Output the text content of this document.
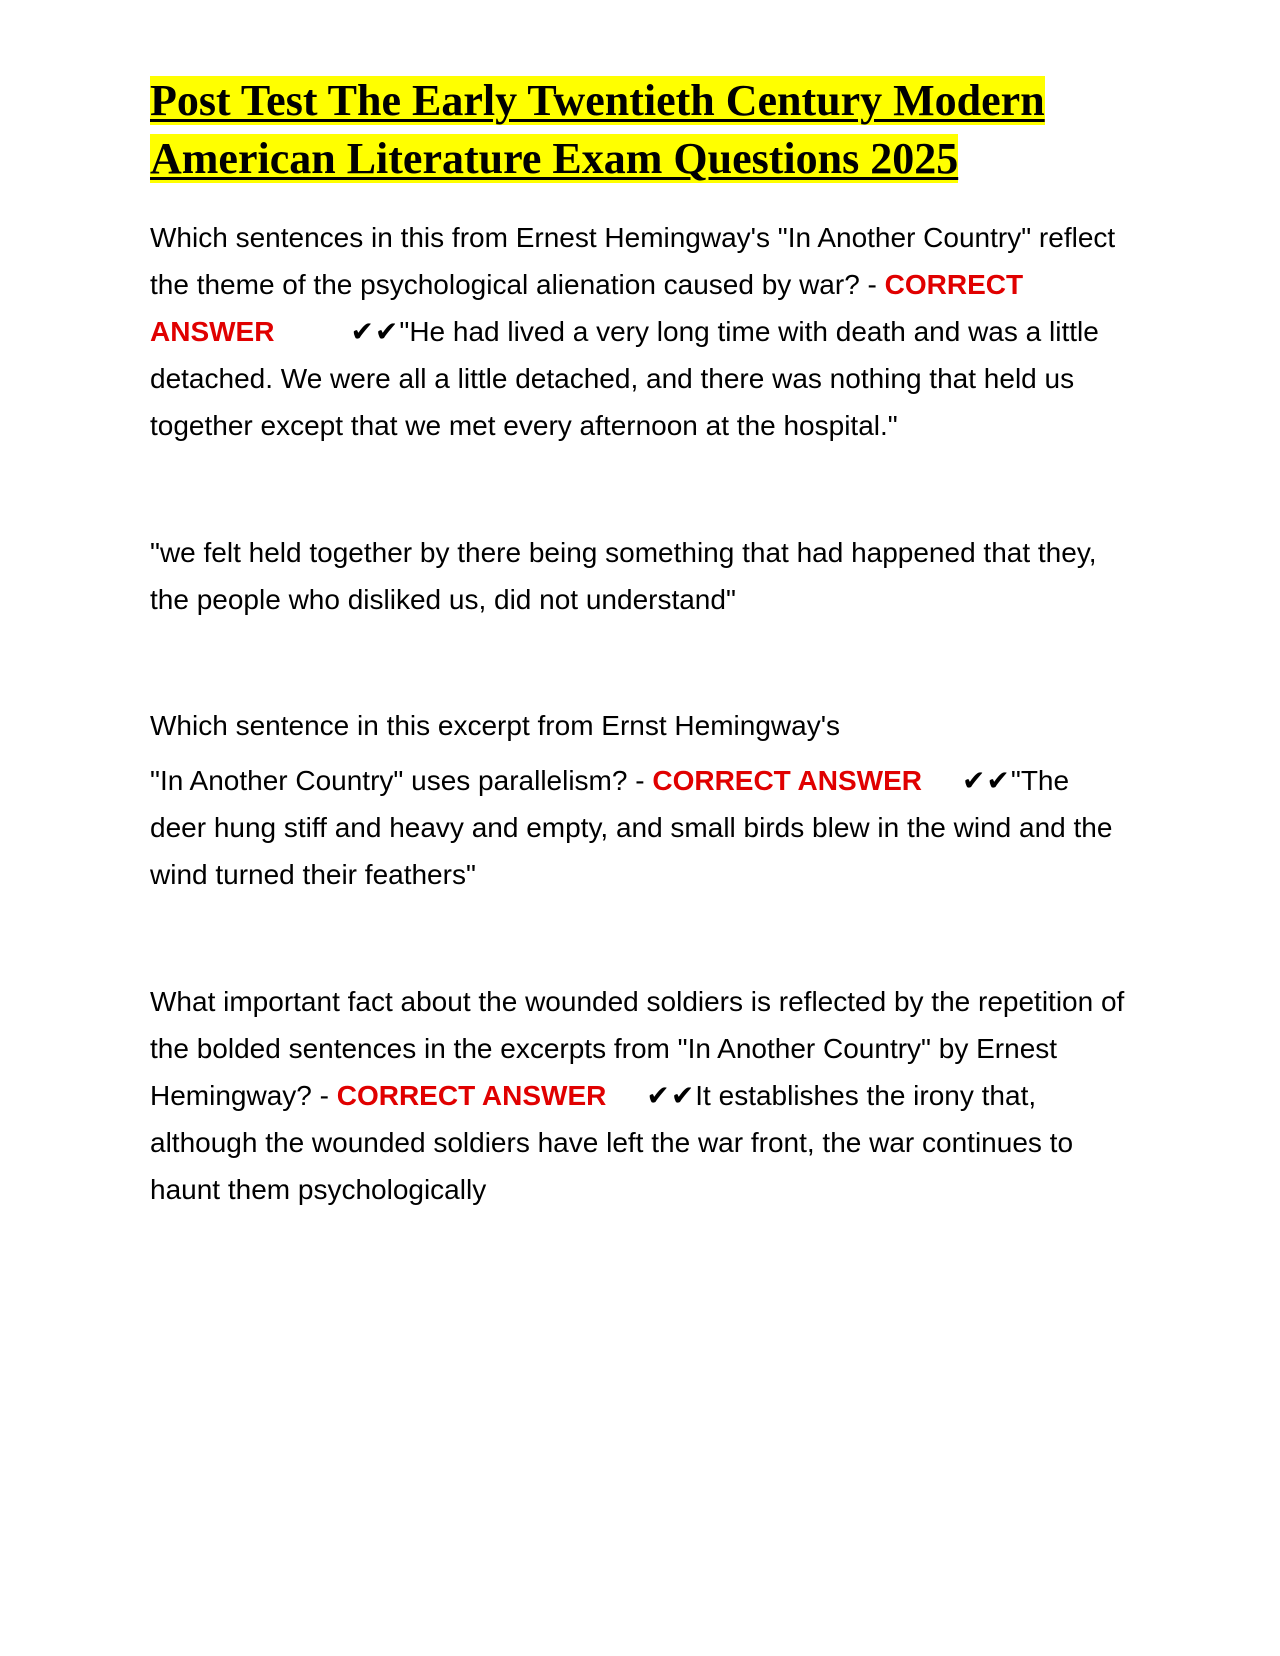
Post Test The Early Twentieth Century Modern American Literature Exam Questions 2025

Which sentences in this from Ernest Hemingway's "In Another Country" reflect the theme of the psychological alienation caused by war? - CORRECT ANSWER	✔✔"He had lived a very long time with death and was a little detached. We were all a little detached, and there was nothing that held us together except that we met every afternoon at the hospital."

"we felt held together by there being something that had happened that they, the people who disliked us, did not understand"

Which sentence in this excerpt from Ernst Hemingway's

"In Another Country" uses parallelism? - CORRECT ANSWER ✔✔"The deer hung stiff and heavy and empty, and small birds blew in the wind and the wind turned their feathers"

What important fact about the wounded soldiers is reflected by the repetition of the bolded sentences in the excerpts from "In Another Country" by Ernest Hemingway? - CORRECT ANSWER ✔✔It establishes the irony that, although the wounded soldiers have left the war front, the war continues to haunt them psychologically
